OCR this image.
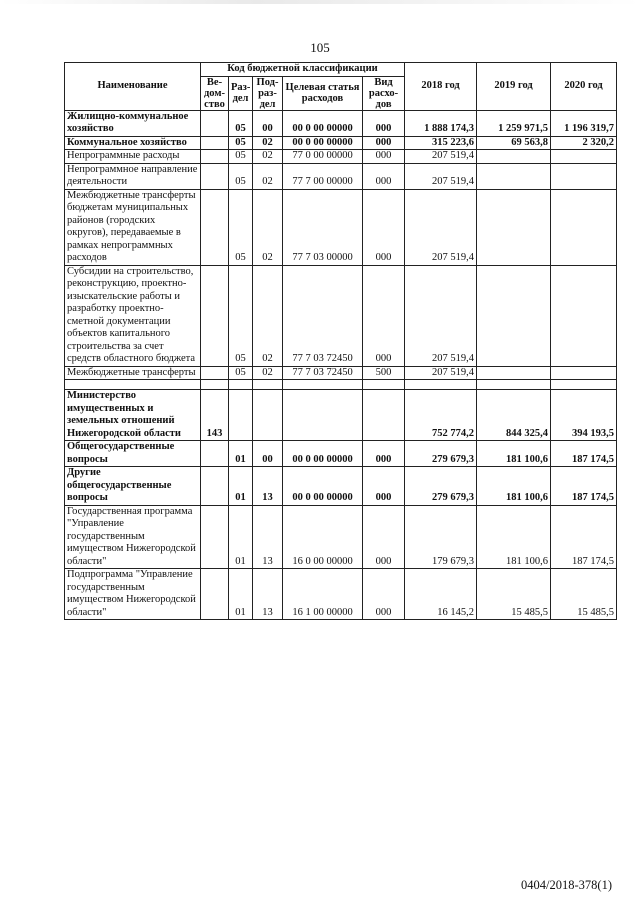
105
Наименование	Код бюджетной классификации					2018 год	2019 год	2020 год
	Ве-дом-ство	Раз-дел	Под-раз-дел	Целевая статья расходов	Вид расхо-дов			
Жилищно-коммунальное хозяйство		05	00	00 0 00 00000	000	1 888 174,3	1 259 971,5	1 196 319,7
Коммунальное хозяйство		05	02	00 0 00 00000	000	315 223,6	69 563,8	2 320,2
Непрограммные расходы		05	02	77 0 00 00000	000	207 519,4		
Непрограммное направление деятельности		05	02	77 7 00 00000	000	207 519,4		
Межбюджетные трансферты бюджетам муниципальных районов (городских округов), передаваемые в рамках непрограммных расходов		05	02	77 7 03 00000	000	207 519,4		
Субсидии на строительство, реконструкцию, проектно-изыскательские работы и разработку проектно-сметной документации объектов капитального строительства за счет средств областного бюджета		05	02	77 7 03 72450	000	207 519,4		
Межбюджетные трансферты		05	02	77 7 03 72450	500	207 519,4		

Министерство имущественных и земельных отношений Нижегородской области	143					752 774,2	844 325,4	394 193,5
Общегосударственные вопросы		01	00	00 0 00 00000	000	279 679,3	181 100,6	187 174,5
Другие общегосударственные вопросы		01	13	00 0 00 00000	000	279 679,3	181 100,6	187 174,5
Государственная программа "Управление государственным имуществом Нижегородской области"		01	13	16 0 00 00000	000	179 679,3	181 100,6	187 174,5
Подпрограмма "Управление государственным имуществом Нижегородской области"		01	13	16 1 00 00000	000	16 145,2	15 485,5	15 485,5
0404/2018-378(1)
